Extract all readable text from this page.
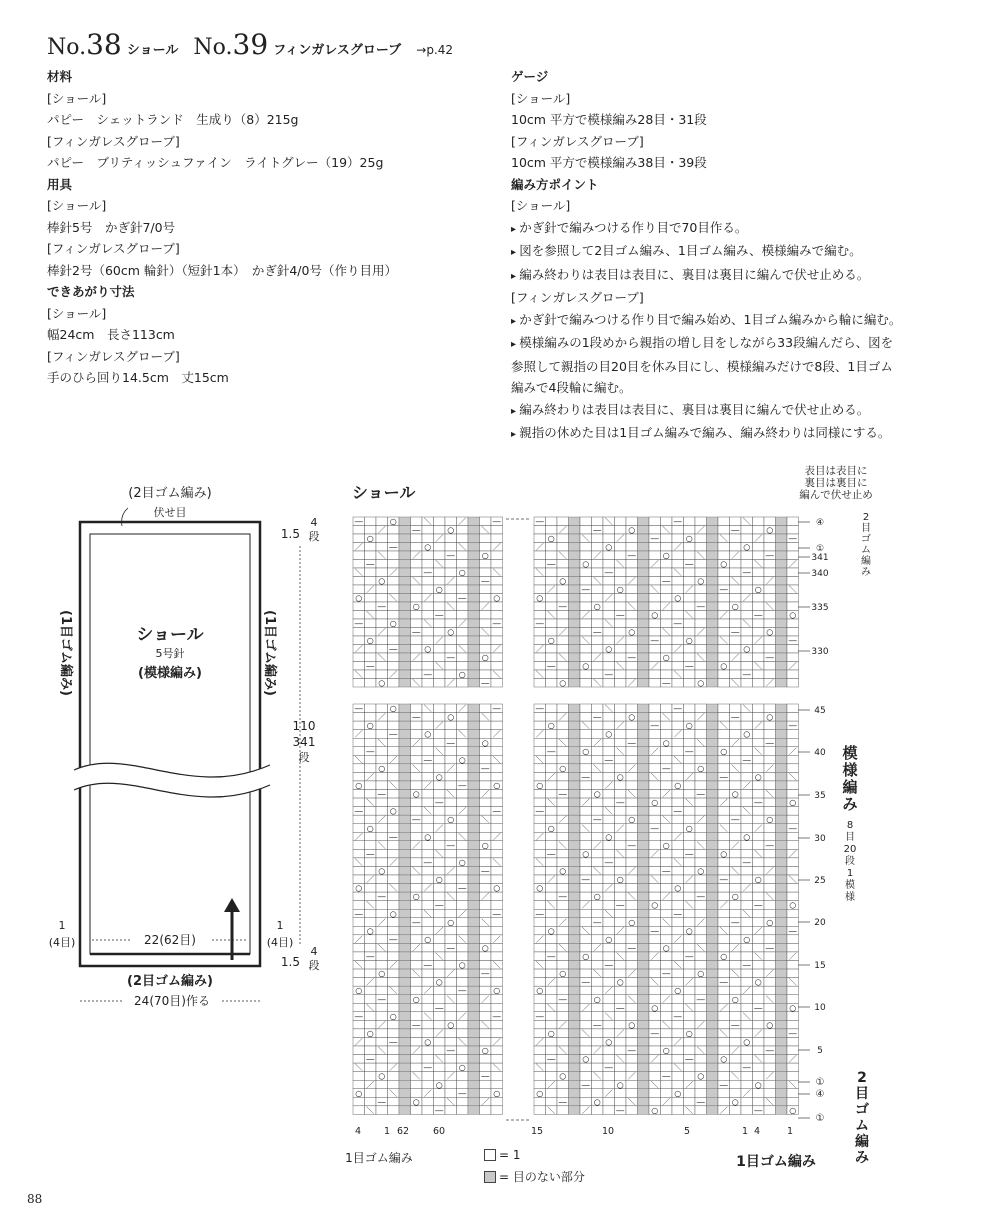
No.38 ショール No.39 フィンガレスグローブ →p.42
材料
[ショール]
パピー　シェットランド　生成り（8）215g
[フィンガレスグローブ]
パピー　ブリティッシュファイン　ライトグレー（19）25g
用具
[ショール]
棒針5号　かぎ針7/0号
[フィンガレスグローブ]
棒針2号（60cm 輪針）（短針1本）　かぎ針4/0号（作り目用）
できあがり寸法
[ショール]
幅24cm　長さ113cm
[フィンガレスグローブ]
手のひら回り14.5cm　丈15cm
ゲージ
[ショール]
10cm 平方で模様編み28目・31段
[フィンガレスグローブ]
10cm 平方で模様編み38目・39段
編み方ポイント
[ショール]
▸ かぎ針で編みつける作り目で70目作る。
▸ 図を参照して2目ゴム編み、1目ゴム編み、模様編みで編む。
▸ 編み終わりは表目は表目に、裏目は裏目に編んで伏せ止める。
[フィンガレスグローブ]
▸ かぎ針で編みつける作り目で編み始め、1目ゴム編みから輪に編む。
▸ 模様編みの1段めから親指の増し目をしながら33段編んだら、図を
参照して親指の目20目を休み目にし、模様編みだけで8段、1目ゴム
編みで4段輪に編む。
▸ 編み終わりは表目は表目に、裏目は裏目に編んで伏せ止める。
▸ 親指の休めた目は1目ゴム編みで編み、編み終わりは同様にする。
(2目ゴム編み)
伏せ目
ショール
5号針
(模様編み)
(1目ゴム編み)	(1目ゴム編み)
1.5
4
段
110
341
段
1.5
4
段
1
(4目)
1
(4目)
22(62目)
(2目ゴム編み)
24(70目)作る
―	○	＼	／	―
／	―	○	＼
○	／
／	―	○	＼	／
＼	／	―	○
―	＼
＼	／	―	○	＼
○	＼	／	―
／	○
○	＼	／	―	○
―	○	＼	／
＼	―
―	○	＼	／	―
／	―	○	＼
○	／
／	―	○	＼	／
＼	／	―	○
―	＼
＼	／	―	○	＼
○	＼	／	―
―	○	＼	／	―
／	―	○	＼
○	／
／	―	○	＼	／
＼	／	―	○
―	＼
＼	／	―	○	＼
○	＼	／	―
／	○
○	＼	／	―	○
―	○	＼	／
＼	―
―	○	＼	／	―
／	―	○	＼
○	／
／	―	○	＼	／
＼	／	―	○
―	＼
＼	／	―	○	＼
○	＼	／	―
／	○
○	＼	／	―	○
―	○	＼	／
＼	―
―	○	＼	／	―
／	―	○	＼
○	／
／	―	○	＼	／
＼	／	―	○
―	＼
＼	／	―	○	＼
○	＼	／	―
／	○
○	＼	／	―	○
―	○	＼	／
＼	―
―	○	＼	／	―
／	―	○	＼
○	／
／	―	○	＼	／
＼	／	―	○
―	＼
＼	／	―	○	＼
○	＼	／	―
／	○
○	＼	／	―	○
―	○	＼	／
＼	―
―	＼	―	＼
／	―	○	＼	／	―	○
○	＼	／	―	○	＼	／	―
／	○	／	○
＼	／	―	○	＼	／	―
―	○	＼	／	―	○	＼	／
＼	―	＼	―
○	＼	／	―	○	＼	／
／	―	○	＼	／	―	○	＼
○	／	○	／
―	○	＼	／	―	○	＼
＼	／	―	○	＼	／	―	○
―	＼	―	＼
／	―	○	＼	／	―	○
○	＼	／	―	○	＼	／	―
／	○	／	○
＼	／	―	○	＼	／	―
―	○	＼	／	―	○	＼	／
＼	―	＼	―
○	＼	／	―	○	＼	／
―	＼	―	＼
／	―	○	＼	／	―	○
○	＼	／	―	○	＼	／	―
／	○	／	○
＼	／	―	○	＼	／	―
―	○	＼	／	―	○	＼	／
＼	―	＼	―
○	＼	／	―	○	＼	／
／	―	○	＼	／	―	○	＼
○	／	○	／
―	○	＼	／	―	○	＼
＼	／	―	○	＼	／	―	○
―	＼	―	＼
／	―	○	＼	／	―	○
○	＼	／	―	○	＼	／	―
／	○	／	○
＼	／	―	○	＼	／	―
―	○	＼	／	―	○	＼	／
＼	―	＼	―
○	＼	／	―	○	＼	／
／	―	○	＼	／	―	○	＼
○	／	○	／
―	○	＼	／	―	○	＼
＼	／	―	○	＼	／	―	○
―	＼	―	＼
／	―	○	＼	／	―	○
○	＼	／	―	○	＼	／	―
／	○	／	○
＼	／	―	○	＼	／	―
―	○	＼	／	―	○	＼	／
＼	―	＼	―
○	＼	／	―	○	＼	／
／	―	○	＼	／	―	○	＼
○	／	○	／
―	○	＼	／	―	○	＼
＼	／	―	○	＼	／	―	○
―	＼	―	＼
／	―	○	＼	／	―	○
○	＼	／	―	○	＼	／	―
／	○	／	○
＼	／	―	○	＼	／	―
―	○	＼	／	―	○	＼	／
＼	―	＼	―
○	＼	／	―	○	＼	／
／	―	○	＼	／	―	○	＼
○	／	○	／
―	○	＼	／	―	○	＼
＼	／	―	○	＼	／	―	○
ショール
表目は表目に
裏目は裏目に
編んで伏せ止め
2
目
ゴ
ム
編
み
④
①
341
340
335
330
45
40
35
30
25
20
15
10
5
①
④
①
模
様
編
み
8
目
20
段
1
模
様
2
目
ゴ
ム
編
み
4 1 62	60	15	10	5	1 4	1
1目ゴム編み	1目ゴム編み
= 1
= 目のない部分
88
